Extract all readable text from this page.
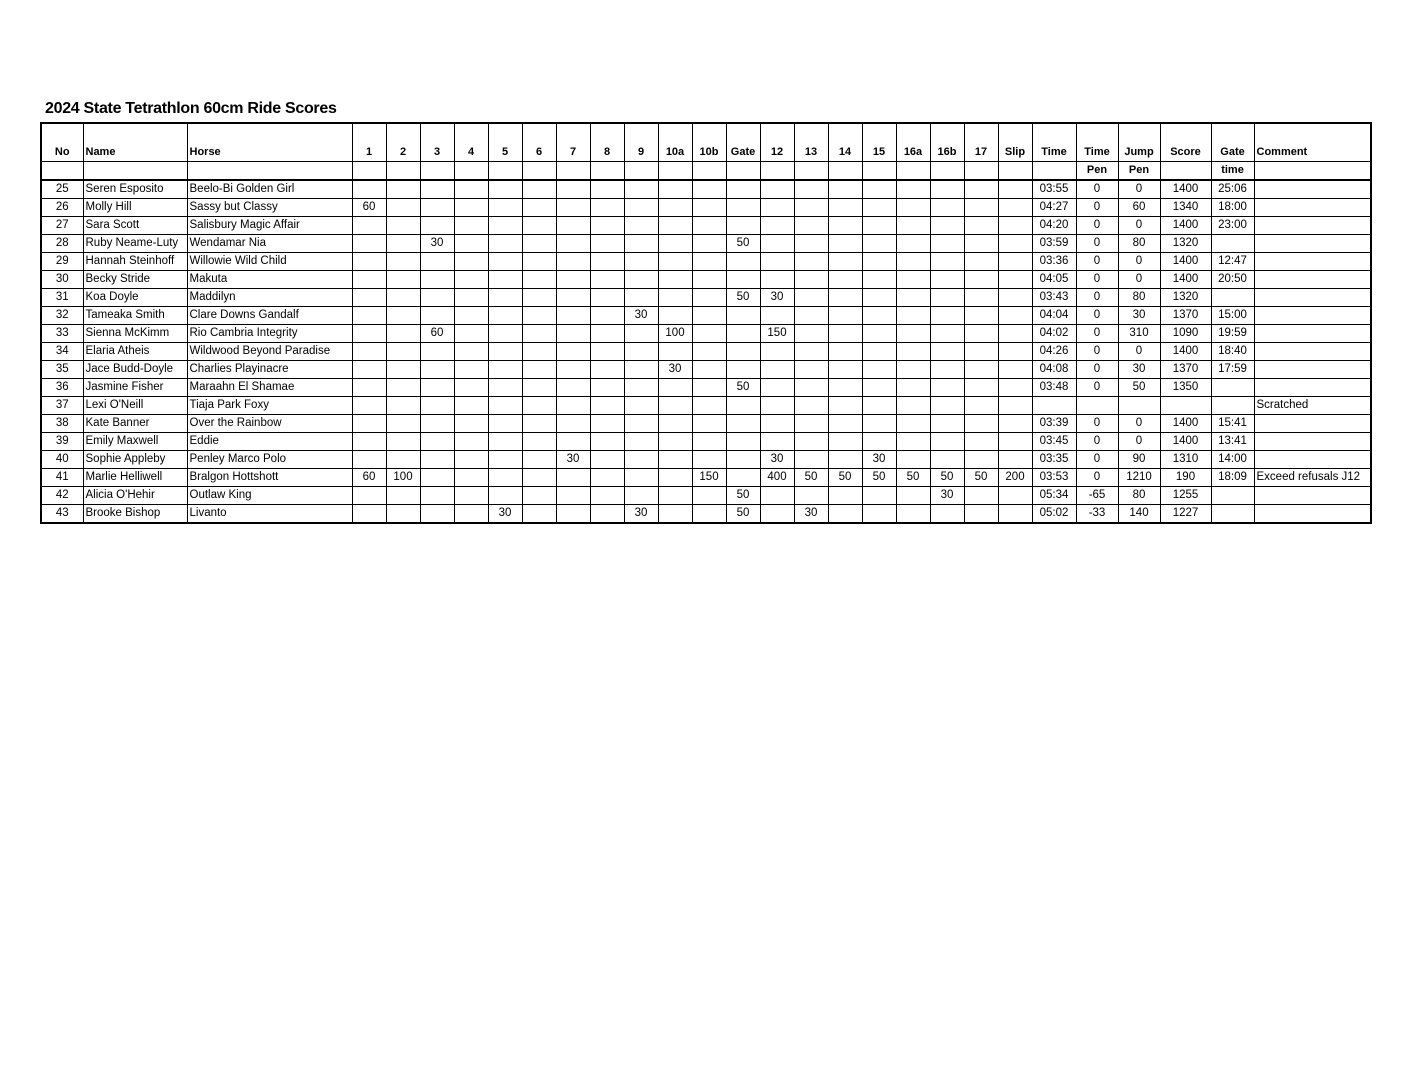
2024 State Tetrathlon 60cm Ride Scores
No	Name	Horse	1	2	3	4	5	6	7	8	9	10a	10b	Gate	12	13	14	15	16a	16b	17	Slip	Time	Time	Jump	Score	Gate	Comment
																								Pen	Pen		time	
25	Seren Esposito	Beelo-Bi Golden Girl																					03:55	0	0	1400	25:06	
26	Molly Hill	Sassy but Classy	60																				04:27	0	60	1340	18:00	
27	Sara Scott	Salisbury Magic Affair																					04:20	0	0	1400	23:00	
28	Ruby Neame-Luty	Wendamar Nia			30									50									03:59	0	80	1320		
29	Hannah Steinhoff	Willowie Wild Child																					03:36	0	0	1400	12:47	
30	Becky Stride	Makuta																					04:05	0	0	1400	20:50	
31	Koa Doyle	Maddilyn												50	30								03:43	0	80	1320		
32	Tameaka Smith	Clare Downs Gandalf									30												04:04	0	30	1370	15:00	
33	Sienna McKimm	Rio Cambria Integrity			60							100			150								04:02	0	310	1090	19:59	
34	Elaria Atheis	Wildwood Beyond Paradise																					04:26	0	0	1400	18:40	
35	Jace Budd-Doyle	Charlies Playinacre										30											04:08	0	30	1370	17:59	
36	Jasmine Fisher	Maraahn El Shamae												50									03:48	0	50	1350		
37	Lexi O'Neill	Tiaja Park Foxy																										Scratched
38	Kate Banner	Over the Rainbow																					03:39	0	0	1400	15:41	
39	Emily Maxwell	Eddie																					03:45	0	0	1400	13:41	
40	Sophie Appleby	Penley Marco Polo							30						30			30					03:35	0	90	1310	14:00	
41	Marlie Helliwell	Bralgon Hottshott	60	100									150		400	50	50	50	50	50	50	200	03:53	0	1210	190	18:09	Exceed refusals J12
42	Alicia O'Hehir	Outlaw King												50						30			05:34	-65	80	1255		
43	Brooke Bishop	Livanto					30				30			50		30							05:02	-33	140	1227		
